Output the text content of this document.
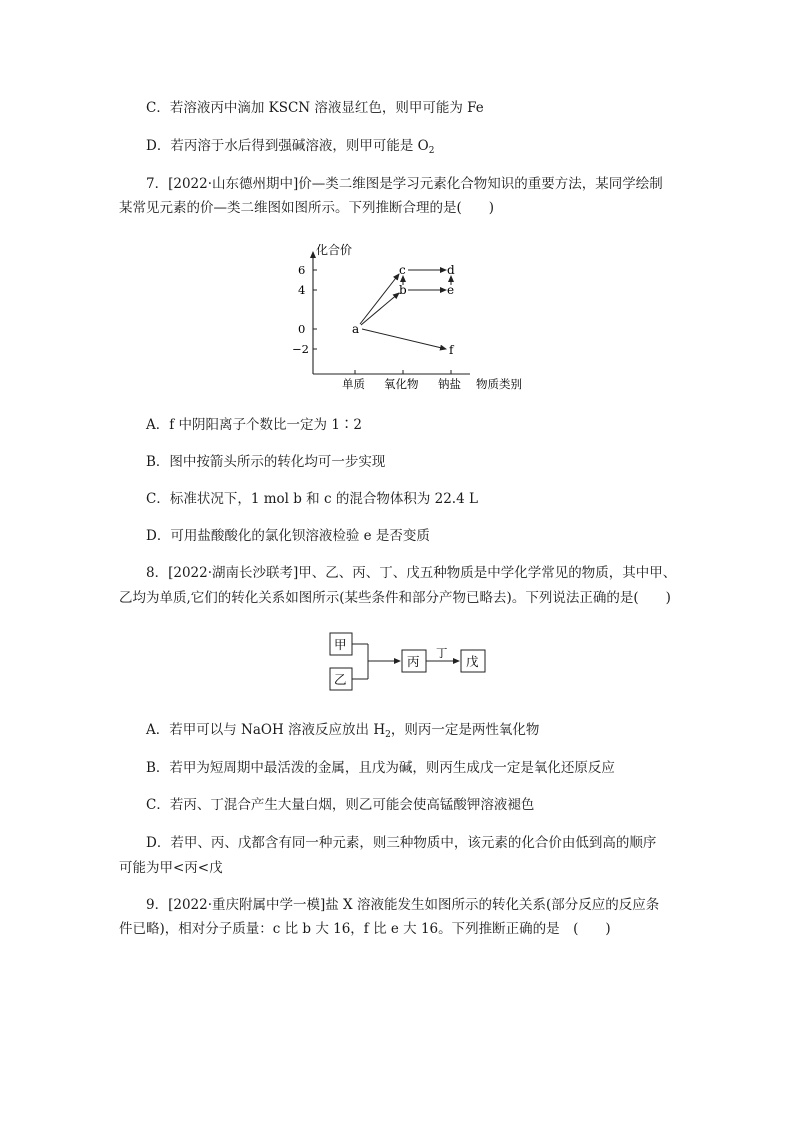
C．若溶液丙中滴加 KSCN 溶液显红色，则甲可能为 Fe
D．若丙溶于水后得到强碱溶液，则甲可能是 $O_2$
7．[2022·山东德州期中]价—类二维图是学习元素化合物知识的重要方法，某同学绘制
某常见元素的价—类二维图如图所示。下列推断合理的是(　　)
化合价
6
4
0
−2
单质 氧化物 钠盐 物质类别
a
b
c	d
e
f
A．f 中阴阳离子个数比一定为 1∶2
B．图中按箭头所示的转化均可一步实现
C．标准状况下，1 mol b 和 c 的混合物体积为 22.4 L
D．可用盐酸酸化的氯化钡溶液检验 e 是否变质
8．[2022·湖南长沙联考]甲、乙、丙、丁、戊五种物质是中学化学常见的物质，其中甲、
乙均为单质,它们的转化关系如图所示(某些条件和部分产物已略去)。下列说法正确的是(　　)
甲
乙
丙
丁
戊
A．若甲可以与 NaOH 溶液反应放出 $H_2$，则丙一定是两性氧化物
B．若甲为短周期中最活泼的金属，且戊为碱，则丙生成戊一定是氧化还原反应
C．若丙、丁混合产生大量白烟，则乙可能会使高锰酸钾溶液褪色
D．若甲、丙、戊都含有同一种元素，则三种物质中，该元素的化合价由低到高的顺序
可能为甲<丙<戊
9．[2022·重庆附属中学一模]盐 X 溶液能发生如图所示的转化关系(部分反应的反应条
件已略)，相对分子质量：c 比 b 大 16，f 比 e 大 16。下列推断正确的是　(　　)
